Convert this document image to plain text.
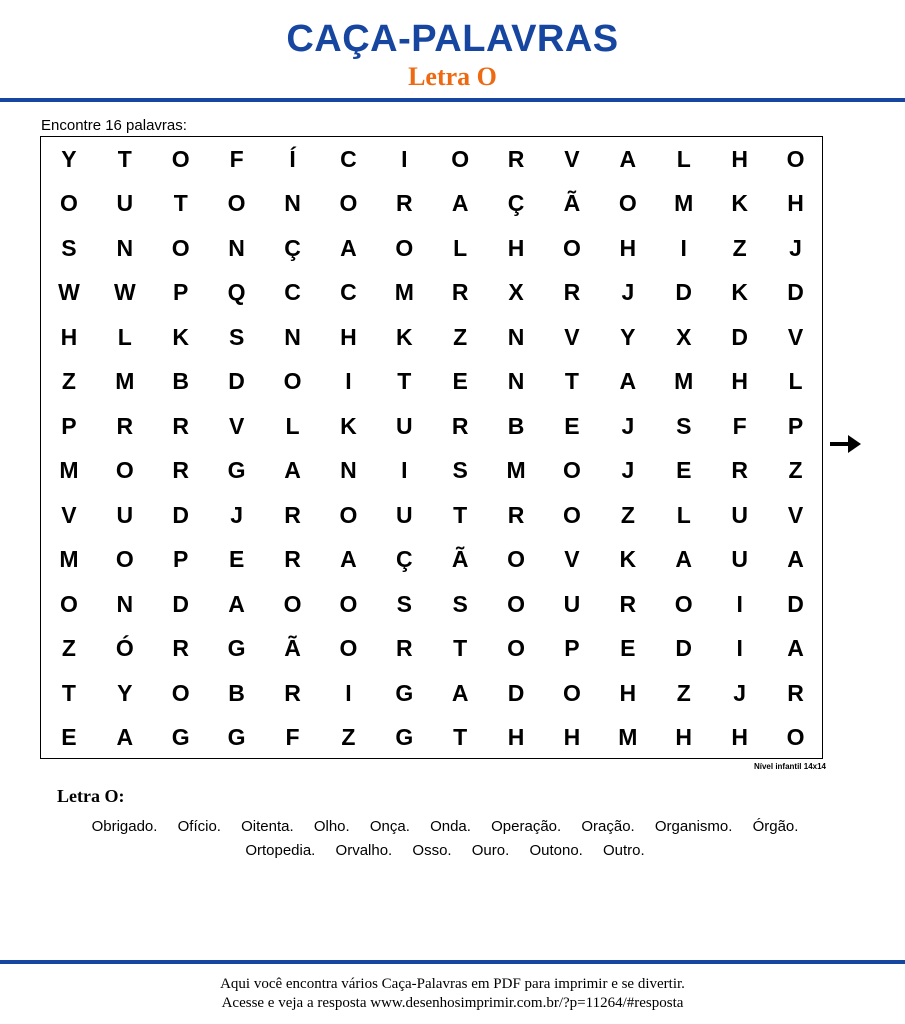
CAÇA-PALAVRAS
Letra O
Encontre 16 palavras:
Y	T	O	F	Í	C	I	O	R	V	A	L	H	O
O	U	T	O	N	O	R	A	Ç	Ã	O	M	K	H
S	N	O	N	Ç	A	O	L	H	O	H	I	Z	J
W	W	P	Q	C	C	M	R	X	R	J	D	K	D
H	L	K	S	N	H	K	Z	N	V	Y	X	D	V
Z	M	B	D	O	I	T	E	N	T	A	M	H	L
P	R	R	V	L	K	U	R	B	E	J	S	F	P
M	O	R	G	A	N	I	S	M	O	J	E	R	Z
V	U	D	J	R	O	U	T	R	O	Z	L	U	V
M	O	P	E	R	A	Ç	Ã	O	V	K	A	U	A
O	N	D	A	O	O	S	S	O	U	R	O	I	D
Z	Ó	R	G	Ã	O	R	T	O	P	E	D	I	A
T	Y	O	B	R	I	G	A	D	O	H	Z	J	R
E	A	G	G	F	Z	G	T	H	H	M	H	H	O
Nível infantil 14x14
Letra O:
Obrigado. Ofício. Oitenta. Olho. Onça. Onda. Operação. Oração. Organismo. Órgão. Ortopedia. Orvalho. Osso. Ouro. Outono. Outro.
Aqui você encontra vários Caça-Palavras em PDF para imprimir e se divertir.
Acesse e veja a resposta www.desenhosimprimir.com.br/?p=11264/#resposta
